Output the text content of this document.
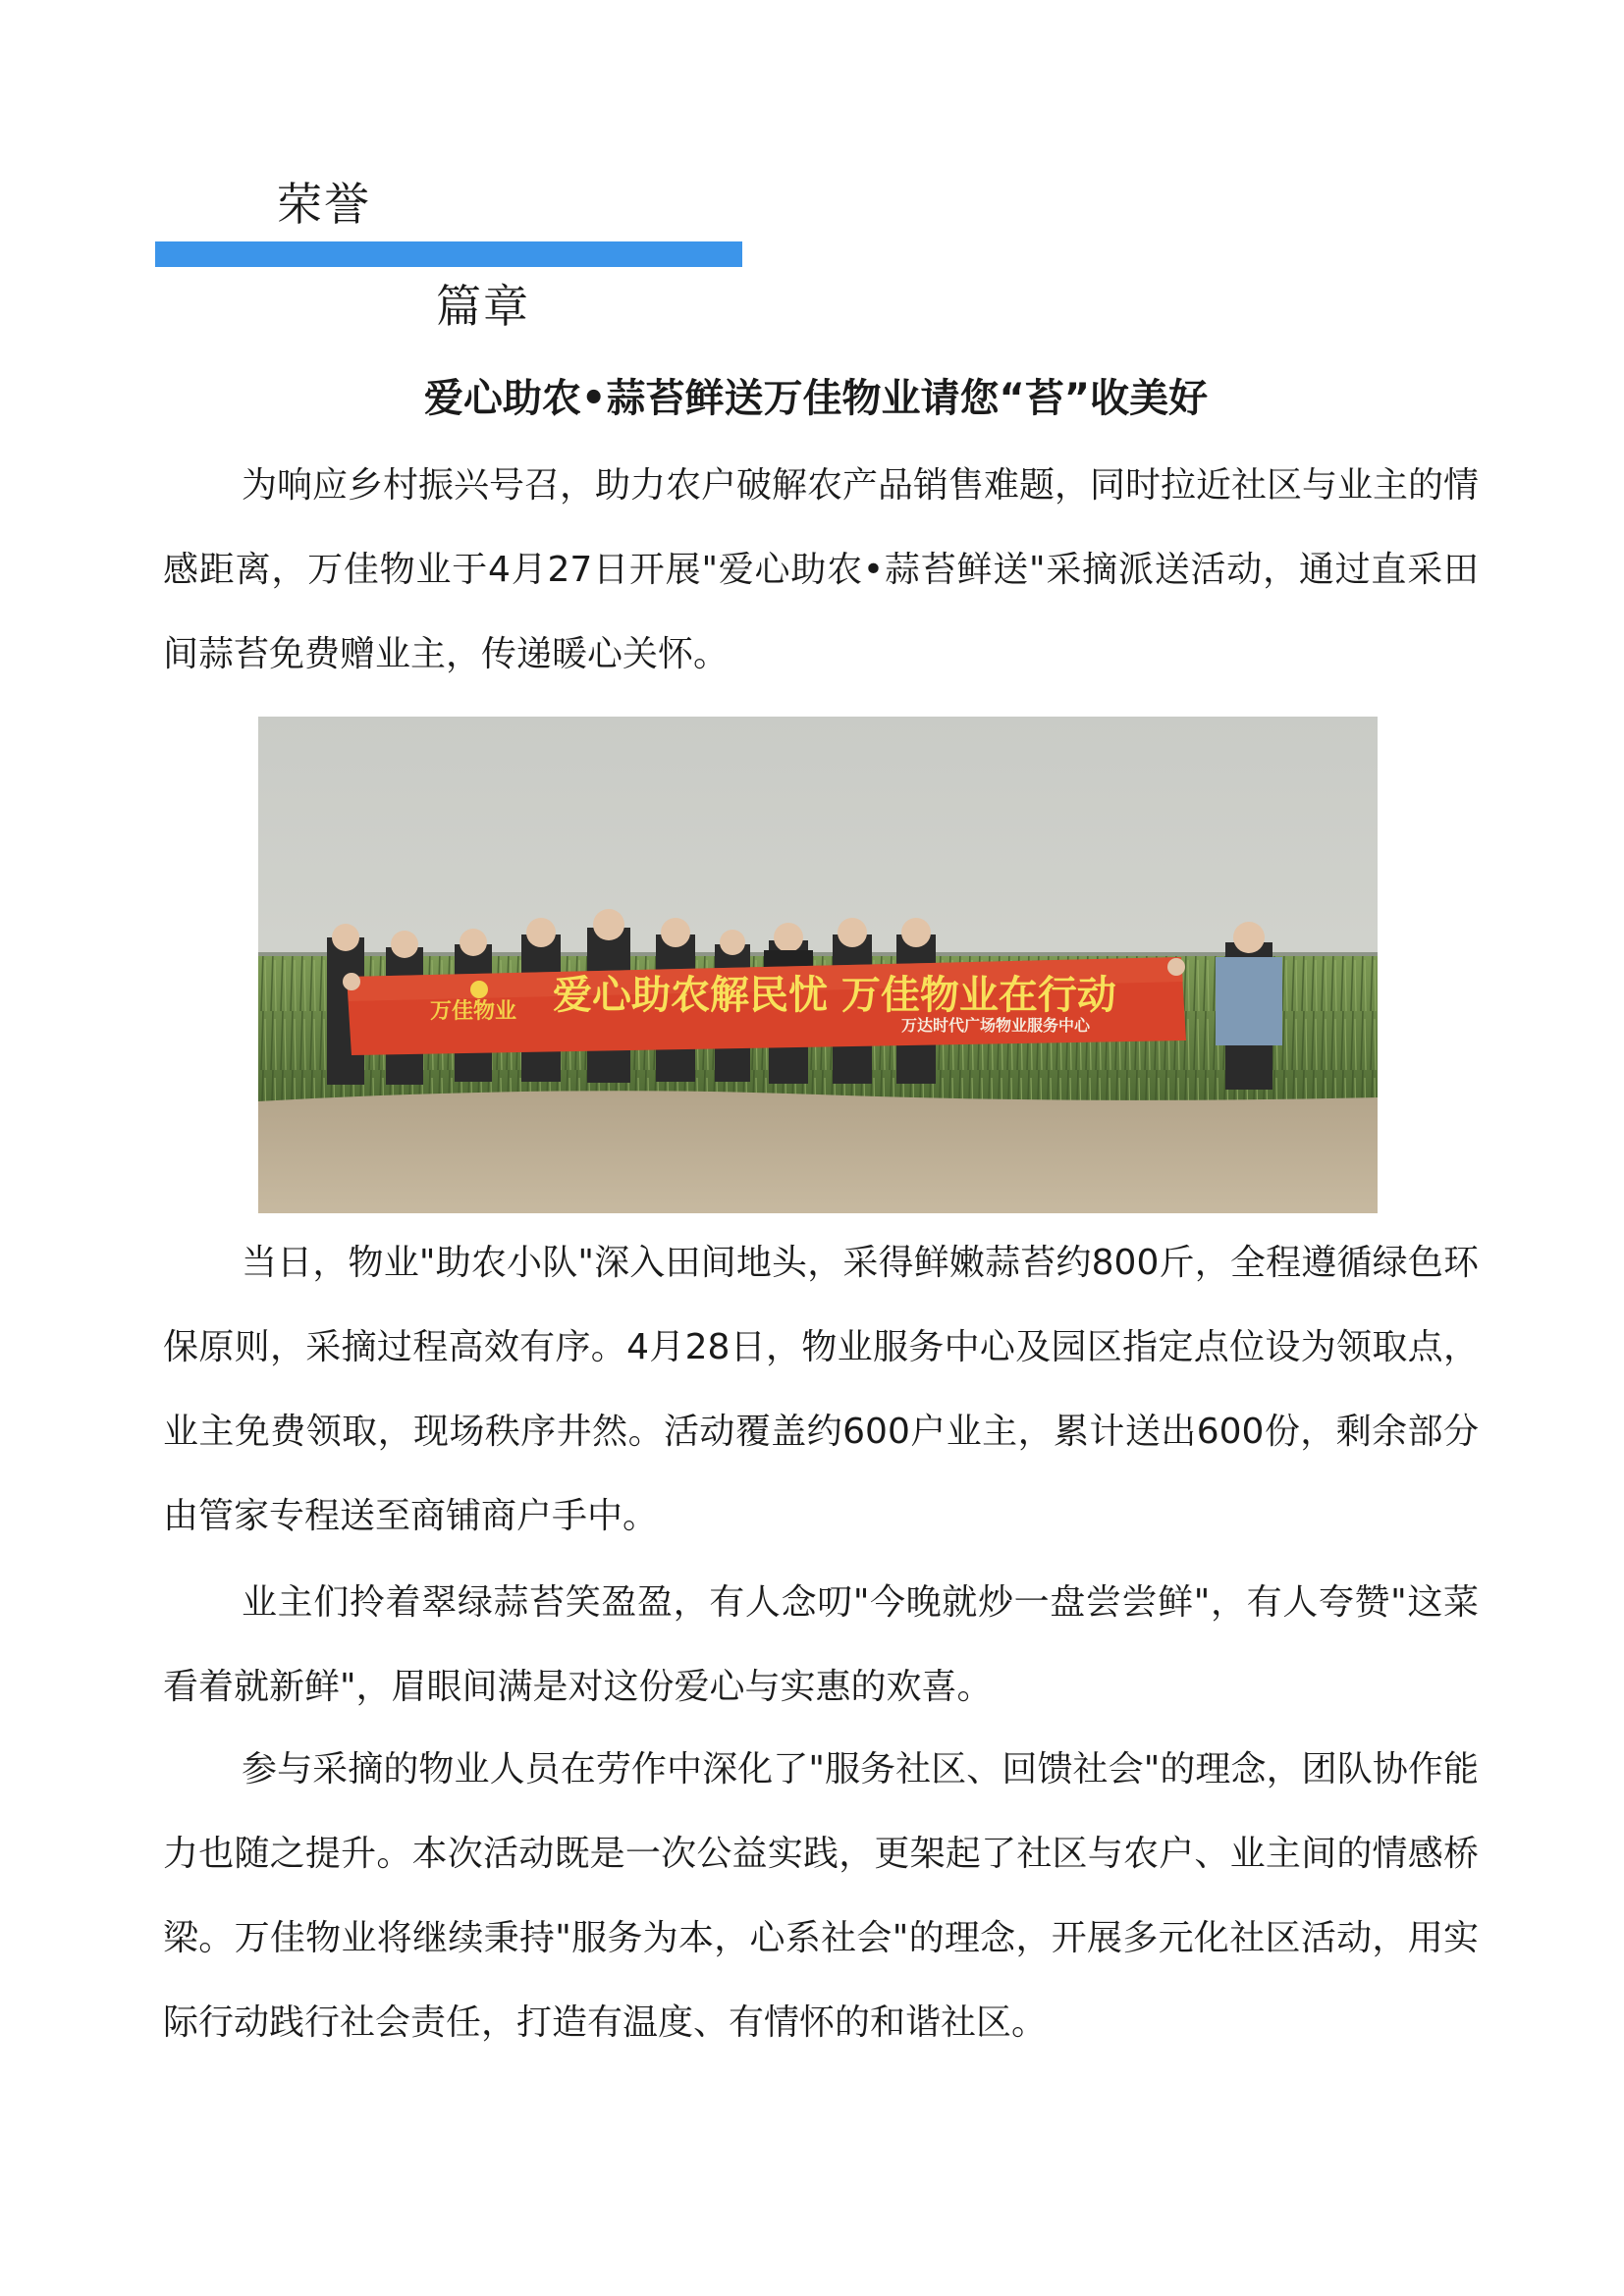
荣誉
篇章
爱心助农•蒜苔鲜送万佳物业请您“苔”收美好

为响应乡村振兴号召，助力农户破解农产品销售难题，同时拉近社区与业主的情感距离，万佳物业于4月27日开展"爱心助农•蒜苔鲜送"采摘派送活动，通过直采田间蒜苔免费赠业主，传递暖心关怀。

万佳物业 爱心助农解民忧 万佳物业在行动
万达时代广场物业服务中心

当日，物业"助农小队"深入田间地头，采得鲜嫩蒜苔约800斤，全程遵循绿色环保原则，采摘过程高效有序。4月28日，物业服务中心及园区指定点位设为领取点，业主免费领取，现场秩序井然。活动覆盖约600户业主，累计送出600份，剩余部分由管家专程送至商铺商户手中。

业主们拎着翠绿蒜苔笑盈盈，有人念叨"今晚就炒一盘尝尝鲜"，有人夸赞"这菜看着就新鲜"，眉眼间满是对这份爱心与实惠的欢喜。

参与采摘的物业人员在劳作中深化了"服务社区、回馈社会"的理念，团队协作能力也随之提升。本次活动既是一次公益实践，更架起了社区与农户、业主间的情感桥梁。万佳物业将继续秉持"服务为本，心系社会"的理念，开展多元化社区活动，用实际行动践行社会责任，打造有温度、有情怀的和谐社区。
